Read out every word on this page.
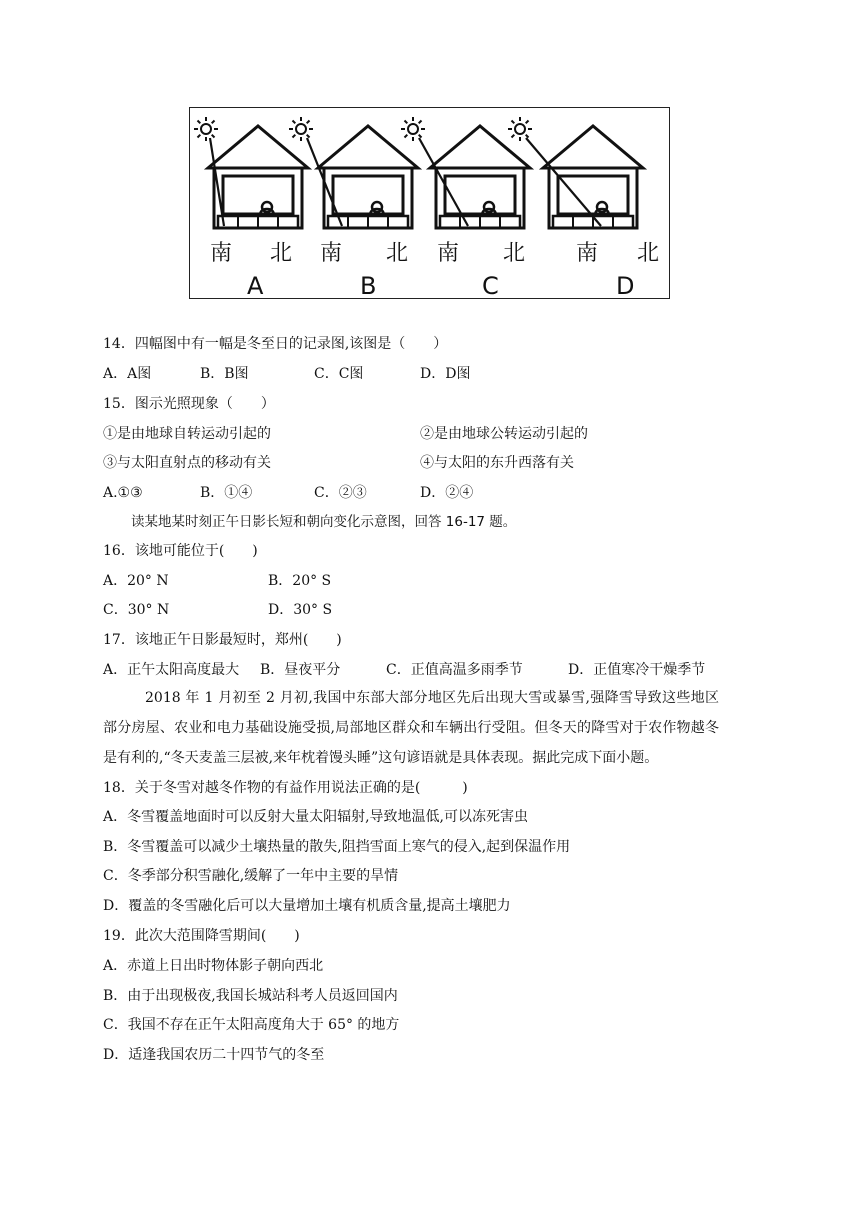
南 北 南 北 南 北 南 北
A	B	C	D
14．四幅图中有一幅是冬至日的记录图,该图是（　　）
A．A图	B．B图	C．C图	D．D图
15．图示光照现象（　　）
①是由地球自转运动引起的	②是由地球公转运动引起的
③与太阳直射点的移动有关	④与太阳的东升西落有关
A.①③	B．①④	C．②③	D．②④
读某地某时刻正午日影长短和朝向变化示意图，回答 16-17 题。
16．该地可能位于(　　)
A．20° N	B．20° S
C．30° N	D．30° S
17．该地正午日影最短时，郑州(　　)
A．正午太阳高度最大 B．昼夜平分	C．正值高温多雨季节	D．正值寒冷干燥季节
2018 年 1 月初至 2 月初,我国中东部大部分地区先后出现大雪或暴雪,强降雪导致这些地区部分房屋、农业和电力基础设施受损,局部地区群众和车辆出行受阻。但冬天的降雪对于农作物越冬是有利的,“冬天麦盖三层被,来年枕着馒头睡”这句谚语就是具体表现。据此完成下面小题。
18．关于冬雪对越冬作物的有益作用说法正确的是(　　　)
A．冬雪覆盖地面时可以反射大量太阳辐射,导致地温低,可以冻死害虫
B．冬雪覆盖可以减少土壤热量的散失,阻挡雪面上寒气的侵入,起到保温作用
C．冬季部分积雪融化,缓解了一年中主要的旱情
D．覆盖的冬雪融化后可以大量增加土壤有机质含量,提高土壤肥力
19．此次大范围降雪期间(　　)
A．赤道上日出时物体影子朝向西北
B．由于出现极夜,我国长城站科考人员返回国内
C．我国不存在正午太阳高度角大于 65° 的地方
D．适逢我国农历二十四节气的冬至
